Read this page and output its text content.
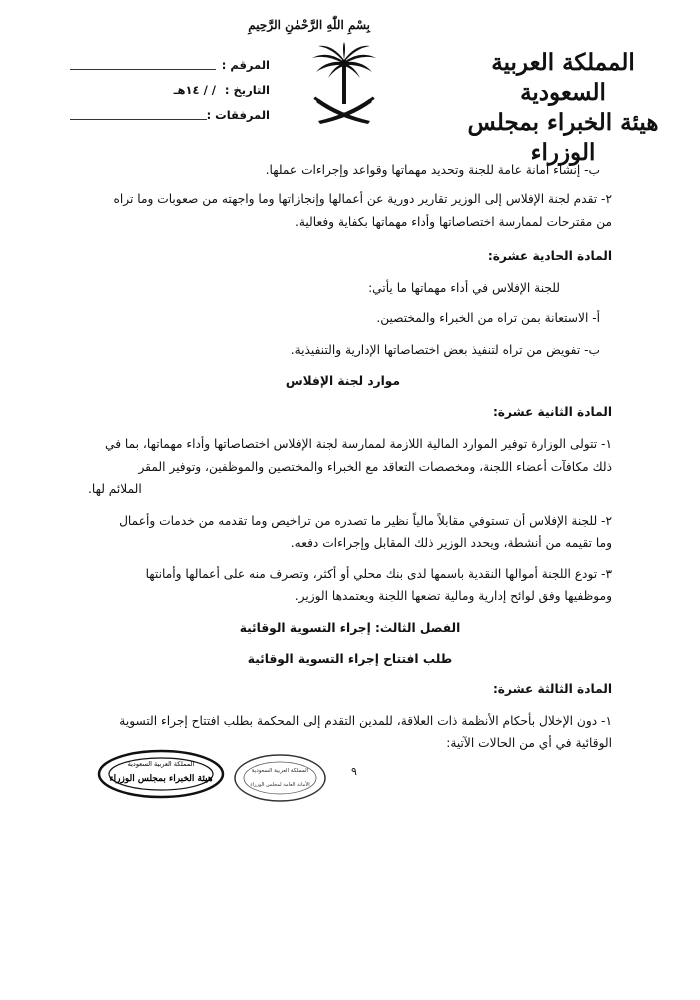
بِسْمِ اللّٰهِ الرَّحْمٰنِ الرَّحِيمِ
المملكة العربية السعودية
هيئة الخبراء بمجلس الوزراء
المرقم :
التاريخ :
/ / ١٤هـ
المرفقات :
ب- إنشاء أمانة عامة للجنة وتحديد مهماتها وقواعد وإجراءات عملها.
٢- تقدم لجنة الإفلاس إلى الوزير تقارير دورية عن أعمالها وإنجازاتها وما واجهته من صعوبات وما تراه
من مقترحات لممارسة اختصاصاتها وأداء مهماتها بكفاية وفعالية.
المادة الحادية عشرة:
للجنة الإفلاس في أداء مهماتها ما يأتي:
أ- الاستعانة بمن تراه من الخبراء والمختصين.
ب- تفويض من تراه لتنفيذ بعض اختصاصاتها الإدارية والتنفيذية.
موارد لجنة الإفلاس
المادة الثانية عشرة:
١- تتولى الوزارة توفير الموارد المالية اللازمة لممارسة لجنة الإفلاس اختصاصاتها وأداء مهماتها، بما في
ذلك مكافآت أعضاء اللجنة، ومخصصات التعاقد مع الخبراء والمختصين والموظفين، وتوفير المقر
الملائم لها.
٢- للجنة الإفلاس أن تستوفي مقابلاً مالياً نظير ما تصدره من تراخيص وما تقدمه من خدمات وأعمال
وما تقيمه من أنشطة، ويحدد الوزير ذلك المقابل وإجراءات دفعه.
٣- تودع اللجنة أموالها النقدية باسمها لدى بنك محلي أو أكثر، وتصرف منه على أعمالها وأمانتها
وموظفيها وفق لوائح إدارية ومالية تضعها اللجنة ويعتمدها الوزير.
الفصل الثالث: إجراء التسوية الوقائية
طلب افتتاح إجراء التسوية الوقائية
المادة الثالثة عشرة:
١- دون الإخلال بأحكام الأنظمة ذات العلاقة، للمدين التقدم إلى المحكمة بطلب افتتاح إجراء التسوية
الوقائية في أي من الحالات الآتية:
٩
المملكة العربية السعودية
هيئة الخبراء بمجلس الوزراء
المملكة العربية السعودية
الأمانة العامة لمجلس الوزراء
